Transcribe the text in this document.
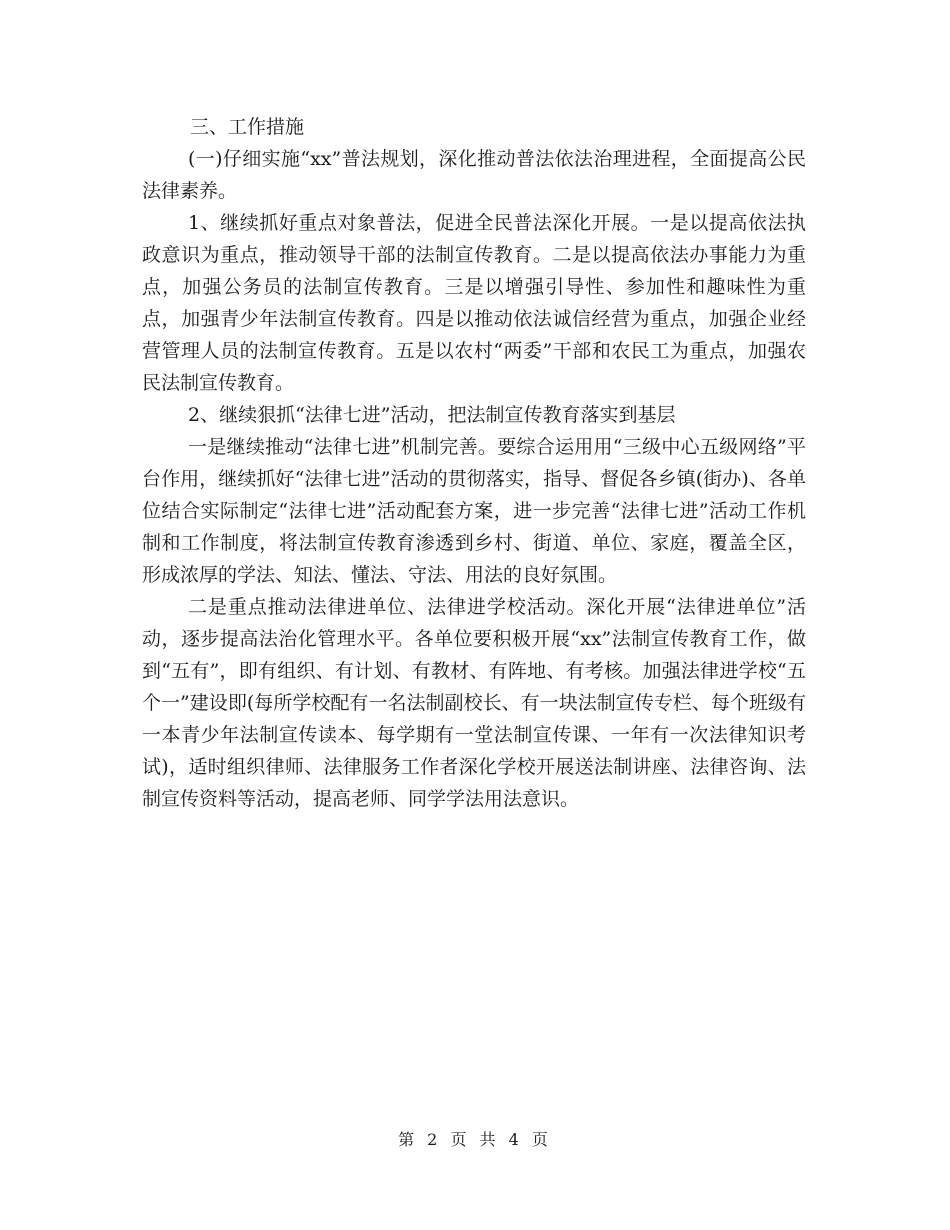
三、工作措施

(一)仔细实施“xx”普法规划，深化推动普法依法治理进程，全面提高公民法律素养。

1、继续抓好重点对象普法，促进全民普法深化开展。一是以提高依法执政意识为重点，推动领导干部的法制宣传教育。二是以提高依法办事能力为重点，加强公务员的法制宣传教育。三是以增强引导性、参加性和趣味性为重点，加强青少年法制宣传教育。四是以推动依法诚信经营为重点，加强企业经营管理人员的法制宣传教育。五是以农村“两委”干部和农民工为重点，加强农民法制宣传教育。

2、继续狠抓“法律七进”活动，把法制宣传教育落实到基层

一是继续推动“法律七进”机制完善。要综合运用用“三级中心五级网络”平台作用，继续抓好“法律七进”活动的贯彻落实，指导、督促各乡镇(街办)、各单位结合实际制定“法律七进”活动配套方案，进一步完善“法律七进”活动工作机制和工作制度，将法制宣传教育渗透到乡村、街道、单位、家庭，覆盖全区，形成浓厚的学法、知法、懂法、守法、用法的良好氛围。

二是重点推动法律进单位、法律进学校活动。深化开展“法律进单位”活动，逐步提高法治化管理水平。各单位要积极开展“xx”法制宣传教育工作，做到“五有”，即有组织、有计划、有教材、有阵地、有考核。加强法律进学校“五个一”建设即(每所学校配有一名法制副校长、有一块法制宣传专栏、每个班级有一本青少年法制宣传读本、每学期有一堂法制宣传课、一年有一次法律知识考试)，适时组织律师、法律服务工作者深化学校开展送法制讲座、法律咨询、法制宣传资料等活动，提高老师、同学学法用法意识。

第 2 页 共 4 页
